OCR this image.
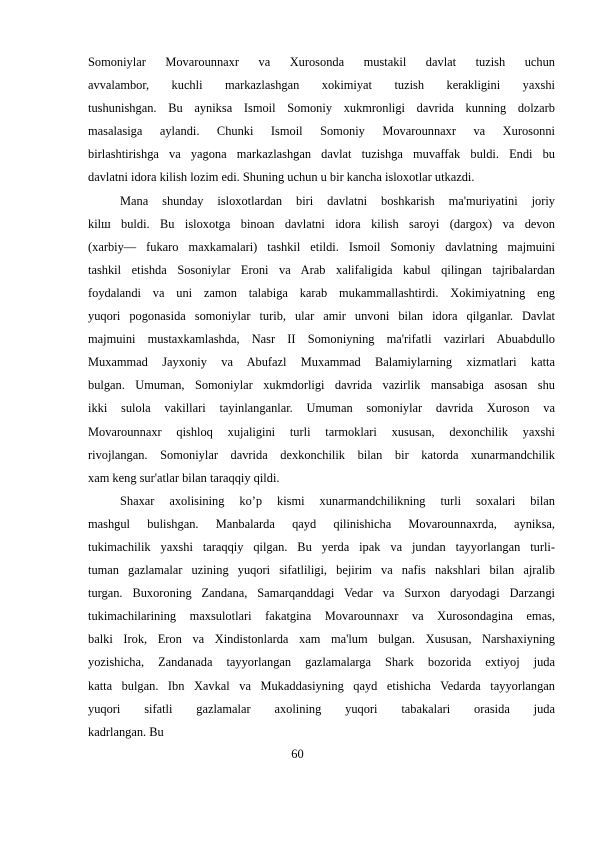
Somoniylar Movarounnaxr va Xurosonda mustakil davlat tuzish uchun
avvalambor, kuchli markazlashgan xokimiyat tuzish kerakligini yaxshi
tushunishgan. Bu ayniksa Ismoil Somoniy xukmronligi davrida kunning dolzarb
masalasiga aylandi. Chunki Ismoil Somoniy Movarounnaxr va Xurosonni
birlashtirishga va yagona markazlashgan davlat tuzishga muvaffak buldi. Endi bu
davlatni idora kilish lozim edi. Shuning uchun u bir kancha isloxotlar utkazdi.
Mana shunday isloxotlardan biri davlatni boshkarish ma'muriyatini joriy
kilш buldi. Bu isloxotga binoan davlatni idora kilish saroyi (dargox) va devon
(xarbiy— fukaro maxkamalari) tashkil etildi. Ismoil Somoniy davlatning majmuini
tashkil etishda Sosoniylar Eroni va Arab xalifaligida kabul qilingan tajribalardan
foydalandi va uni zamon talabiga karab mukammallashtirdi. Xokimiyatning eng
yuqori pogonasida somoniylar turib, ular amir unvoni bilan idora qilganlar. Davlat
majmuini mustaxkamlashda, Nasr II Somoniyning ma'rifatli vazirlari Abuabdullo
Muxammad Jayxoniy va Abufazl Muxammad Balamiylarning xizmatlari katta
bulgan. Umuman, Somoniylar xukmdorligi davrida vazirlik mansabiga asosan shu
ikki sulola vakillari tayinlanganlar. Umuman somoniylar davrida Xuroson va
Movarounnaxr qishloq xujaligini turli tarmoklari xususan, dexonchilik yaxshi
rivojlangan. Somoniylar davrida dexkonchilik bilan bir katorda xunarmandchilik
xam keng sur'atlar bilan taraqqiy qildi.
Shaxar axolisining ko’p kismi xunarmandchilikning turli soxalari bilan
mashgul bulishgan. Manbalarda qayd qilinishicha Movarounnaxrda, ayniksa,
tukimachilik yaxshi taraqqiy qilgan. Bu yerda ipak va jundan tayyorlangan turli-
tuman gazlamalar uzining yuqori sifatliligi, bejirim va nafis nakshlari bilan ajralib
turgan. Buxoroning Zandana, Samarqanddagi Vedar va Surxon daryodagi Darzangi
tukimachilarining maxsulotlari fakatgina Movarounnaxr va Xurosondagina emas,
balki Irok, Eron va Xindistonlarda xam ma'lum bulgan. Xususan, Narshaxiyning
yozishicha, Zandanada tayyorlangan gazlamalarga Shark bozorida extiyoj juda
katta bulgan. Ibn Xavkal va Mukaddasiyning qayd etishicha Vedarda tayyorlangan
yuqori sifatli gazlamalar axolining yuqori tabakalari orasida juda
kadrlangan. Bu
60
